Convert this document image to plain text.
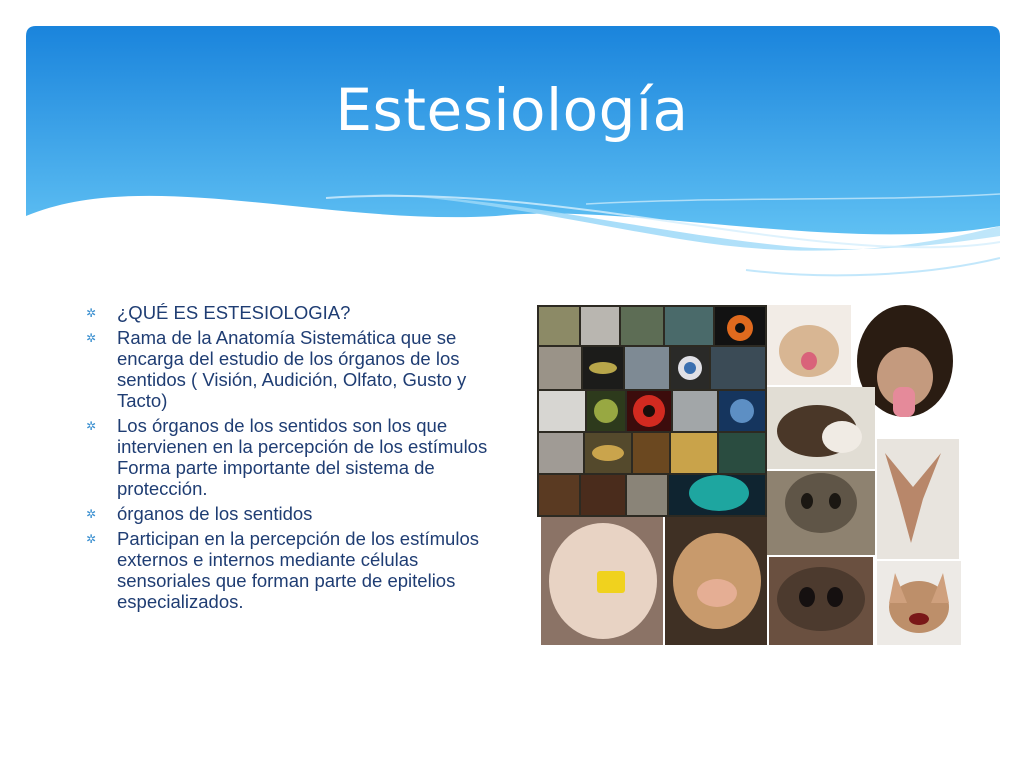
Estesiología
✲ ¿QUÉ ES ESTESIOLOGIA?
✲ Rama de la Anatomía Sistemática que se encarga del estudio de los órganos de los sentidos ( Visión, Audición, Olfato, Gusto y Tacto)
✲ Los órganos de los sentidos son los que intervienen en la percepción de los estímulos Forma parte importante del sistema de protección.
✲ órganos de los sentidos
✲ Participan en la percepción de los estímulos externos e internos mediante células sensoriales que forman parte de epitelios especializados.
